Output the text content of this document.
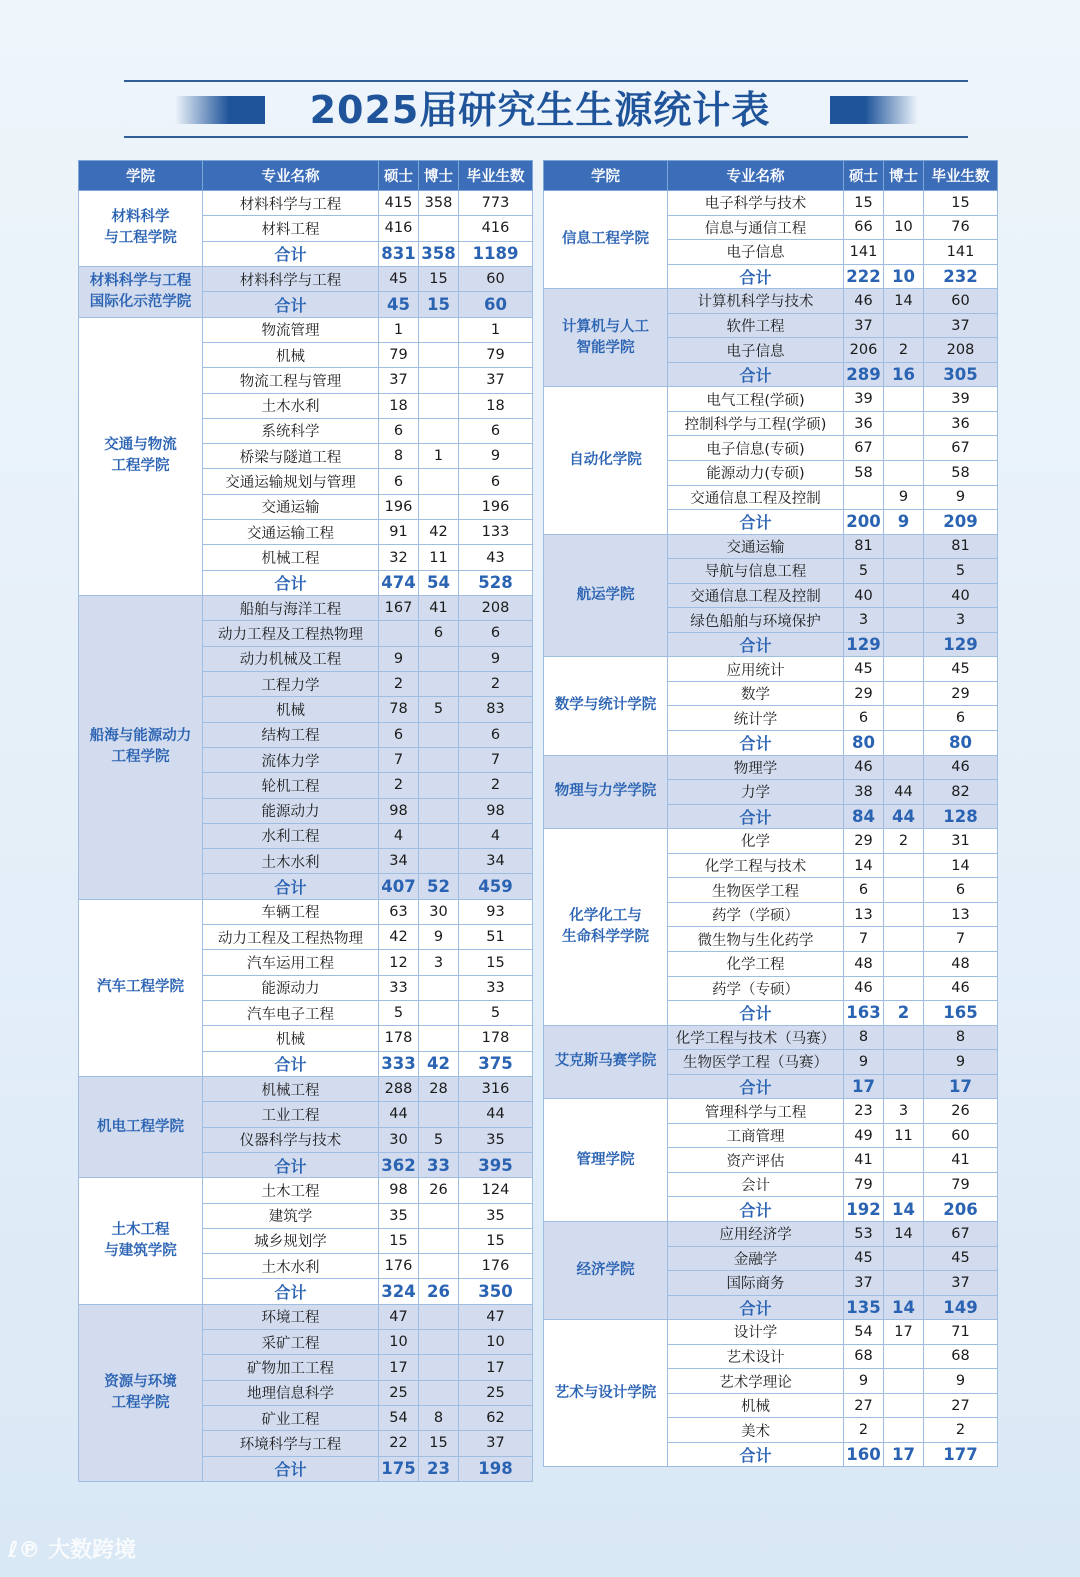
2025届研究生生源统计表
学院	专业名称	硕士	博士	毕业生数

材料科学
与工程学院	材料科学与工程	415	358	773
	材料工程	416		416
	合计	831	358	1189

材料科学与工程
国际化示范学院	材料科学与工程	45	15	60
	合计	45	15	60

交通与物流
工程学院	物流管理	1		1
	机械	79		79
	物流工程与管理	37		37
	土木水利	18		18
	系统科学	6		6
	桥梁与隧道工程	8	1	9
	交通运输规划与管理	6		6
	交通运输	196		196
	交通运输工程	91	42	133
	机械工程	32	11	43
	合计	474	54	528

船海与能源动力
工程学院	船舶与海洋工程	167	41	208
	动力工程及工程热物理		6	6
	动力机械及工程	9		9
	工程力学	2		2
	机械	78	5	83
	结构工程	6		6
	流体力学	7		7
	轮机工程	2		2
	能源动力	98		98
	水利工程	4		4
	土木水利	34		34
	合计	407	52	459

汽车工程学院	车辆工程	63	30	93
	动力工程及工程热物理	42	9	51
	汽车运用工程	12	3	15
	能源动力	33		33
	汽车电子工程	5		5
	机械	178		178
	合计	333	42	375

机电工程学院	机械工程	288	28	316
	工业工程	44		44
	仪器科学与技术	30	5	35
	合计	362	33	395

土木工程
与建筑学院	土木工程	98	26	124
	建筑学	35		35
	城乡规划学	15		15
	土木水利	176		176
	合计	324	26	350

资源与环境
工程学院	环境工程	47		47
	采矿工程	10		10
	矿物加工工程	17		17
	地理信息科学	25		25
	矿业工程	54	8	62
	环境科学与工程	22	15	37
	合计	175	23	198
学院	专业名称	硕士	博士	毕业生数

信息工程学院	电子科学与技术	15		15
	信息与通信工程	66	10	76
	电子信息	141		141
	合计	222	10	232

计算机与人工
智能学院	计算机科学与技术	46	14	60
	软件工程	37		37
	电子信息	206	2	208
	合计	289	16	305

自动化学院	电气工程(学硕)	39		39
	控制科学与工程(学硕)	36		36
	电子信息(专硕)	67		67
	能源动力(专硕)	58		58
	交通信息工程及控制		9	9
	合计	200	9	209

航运学院	交通运输	81		81
	导航与信息工程	5		5
	交通信息工程及控制	40		40
	绿色船舶与环境保护	3		3
	合计	129		129

数学与统计学院	应用统计	45		45
	数学	29		29
	统计学	6		6
	合计	80		80

物理与力学学院	物理学	46		46
	力学	38	44	82
	合计	84	44	128

化学化工与
生命科学学院	化学	29	2	31
	化学工程与技术	14		14
	生物医学工程	6		6
	药学（学硕）	13		13
	微生物与生化药学	7		7
	化学工程	48		48
	药学（专硕）	46		46
	合计	163	2	165

艾克斯马赛学院	化学工程与技术（马赛）	8		8
	生物医学工程（马赛）	9		9
	合计	17		17

管理学院	管理科学与工程	23	3	26
	工商管理	49	11	60
	资产评估	41		41
	会计	79		79
	合计	192	14	206

经济学院	应用经济学	53	14	67
	金融学	45		45
	国际商务	37		37
	合计	135	14	149

艺术与设计学院	设计学	54	17	71
	艺术设计	68		68
	艺术学理论	9		9
	机械	27		27
	美术	2		2
	合计	160	17	177
ℓ℗ 大数跨境
